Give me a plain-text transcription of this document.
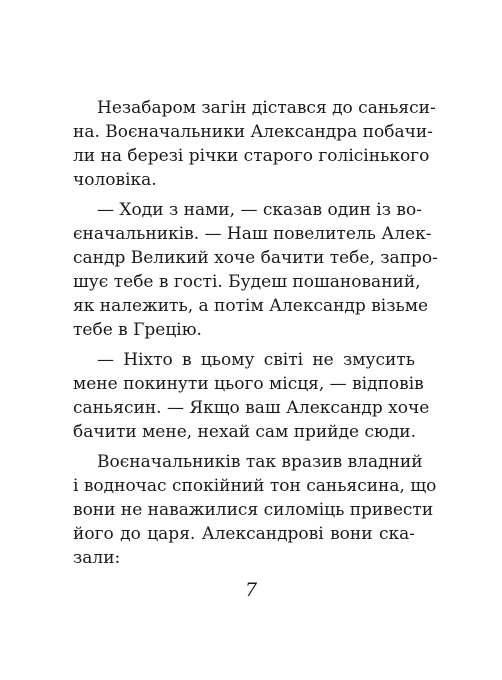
Незабаром загін дістався до саньяси-
на. Воєначальники Александра побачи-
ли на березі річки старого голісінького
чоловіка.
— Ходи з нами, — сказав один із во-
єначальників. — Наш повелитель Алек-
сандр Великий хоче бачити тебе, запро-
шує тебе в гості. Будеш пошанований,
як належить, а потім Александр візьме
тебе в Грецію.
— Ніхто в цьому світі не змусить
мене покинути цього місця, — відповів
саньясин. — Якщо ваш Александр хоче
бачити мене, нехай сам прийде сюди.
Воєначальників так вразив владний
і водночас спокійний тон саньясина, що
вони не наважилися силоміць привести
його до царя. Александрові вони ска-
зали:
7
